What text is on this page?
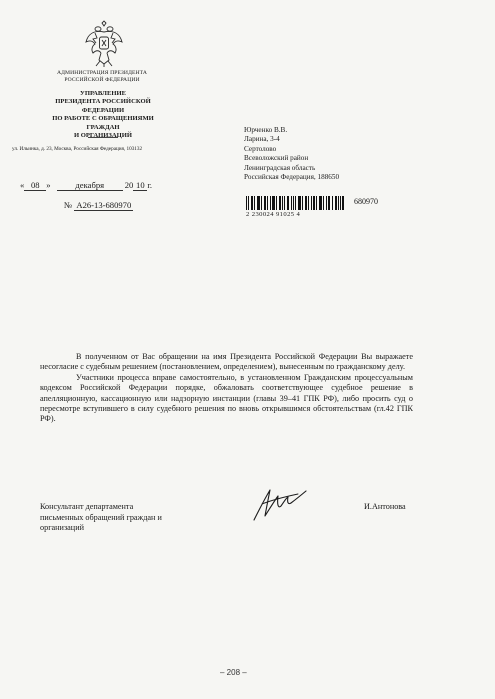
АДМИНИСТРАЦИЯ ПРЕЗИДЕНТА
РОССИЙСКОЙ ФЕДЕРАЦИИ
УПРАВЛЕНИЕ
ПРЕЗИДЕНТА РОССИЙСКОЙ ФЕДЕРАЦИИ
ПО РАБОТЕ С ОБРАЩЕНИЯМИ ГРАЖДАН
И ОРГАНИЗАЦИЙ
ул. Ильинка, д. 23, Москва, Российская Федерация, 103132
« 08 »	декабря 20 10 г.
№ А26-13-680970
Юрченко В.В.
Ларина, 3-4
Сертолово
Всеволожский район
Ленинградская область
Российская Федерация, 188650
2 230024 91025 4
680970

В полученном от Вас обращении на имя Президента Российской Федерации Вы выражаете несогласие с судебным решением (постановлением, определением), вынесенным по гражданскому делу.

Участники процесса вправе самостоятельно, в установленном Гражданским процессуальным кодексом Российской Федерации порядке, обжаловать соответствующее судебное решение в апелляционную, кассационную или надзорную инстанции (главы 39–41 ГПК РФ), либо просить суд о пересмотре вступившего в силу судебного решения по вновь открывшимся обстоятельствам (гл.42 ГПК РФ).

Консультант департамента
письменных обращений граждан и
организаций
И.Антонова
– 208 –
